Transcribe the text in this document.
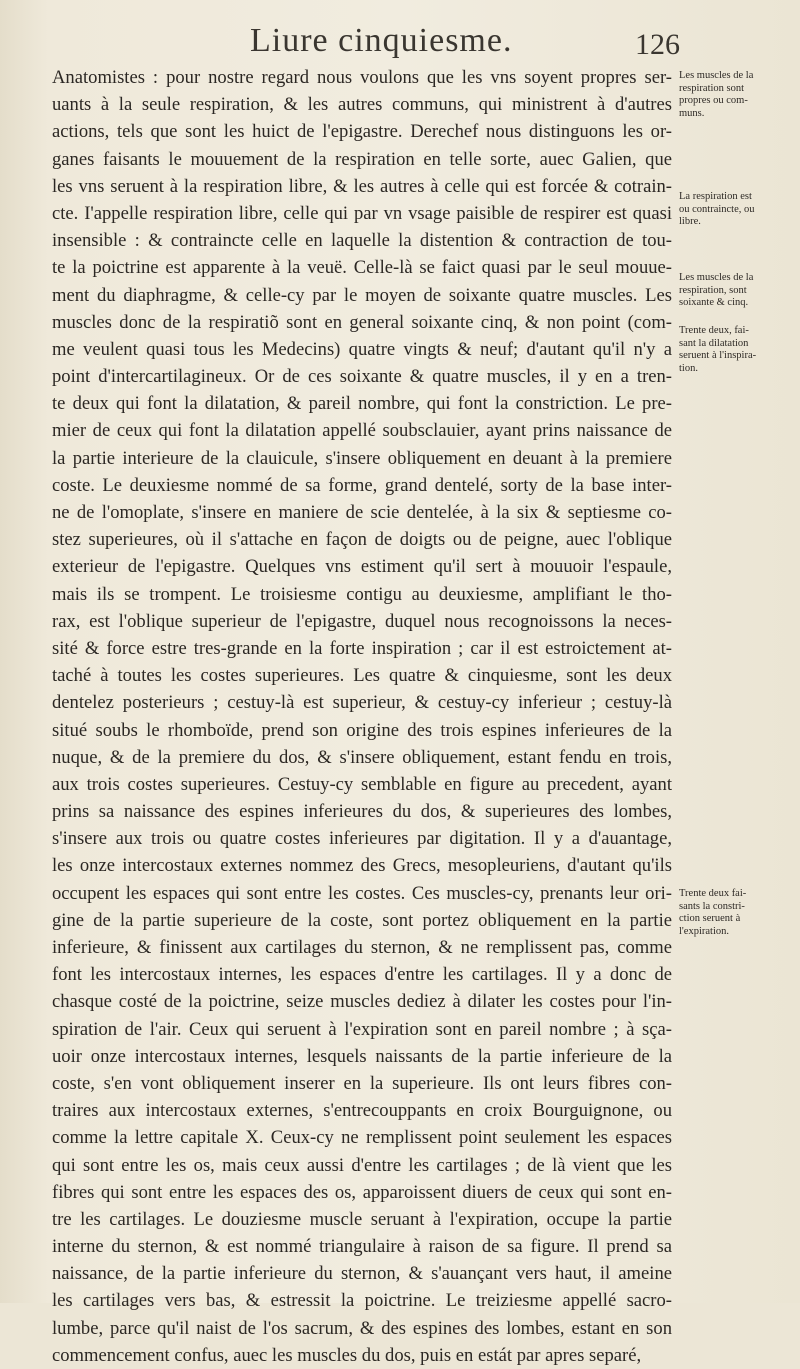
Liure cinquiesme.	126
Anatomistes : pour nostre regard nous voulons que les vns soyent propres ser-
uants à la seule respiration, & les autres communs, qui ministrent à d'autres
actions, tels que sont les huict de l'epigastre. Derechef nous distinguons les or-
ganes faisants le mouuement de la respiration en telle sorte, auec Galien, que
les vns seruent à la respiration libre, & les autres à celle qui est forcée & cotrain-
cte. I'appelle respiration libre, celle qui par vn vsage paisible de respirer est quasi
insensible : & contraincte celle en laquelle la distention & contraction de tou-
te la poictrine est apparente à la veuë. Celle-là se faict quasi par le seul mouue-
ment du diaphragme, & celle-cy par le moyen de soixante quatre muscles. Les
muscles donc de la respiratiõ sont en general soixante cinq, & non point (com-
me veulent quasi tous les Medecins) quatre vingts & neuf; d'autant qu'il n'y a
point d'intercartilagineux. Or de ces soixante & quatre muscles, il y en a tren-
te deux qui font la dilatation, & pareil nombre, qui font la constriction. Le pre-
mier de ceux qui font la dilatation appellé soubsclauier, ayant prins naissance de
la partie interieure de la clauicule, s'insere obliquement en deuant à la premiere
coste. Le deuxiesme nommé de sa forme, grand dentelé, sorty de la base inter-
ne de l'omoplate, s'insere en maniere de scie dentelée, à la six & septiesme co-
stez superieures, où il s'attache en façon de doigts ou de peigne, auec l'oblique
exterieur de l'epigastre. Quelques vns estiment qu'il sert à mouuoir l'espaule,
mais ils se trompent. Le troisiesme contigu au deuxiesme, amplifiant le tho-
rax, est l'oblique superieur de l'epigastre, duquel nous recognoissons la neces-
sité & force estre tres-grande en la forte inspiration ; car il est estroictement at-
taché à toutes les costes superieures. Les quatre & cinquiesme, sont les deux
dentelez posterieurs ; cestuy-là est superieur, & cestuy-cy inferieur ; cestuy-là
situé soubs le rhomboïde, prend son origine des trois espines inferieures de la
nuque, & de la premiere du dos, & s'insere obliquement, estant fendu en trois,
aux trois costes superieures. Cestuy-cy semblable en figure au precedent, ayant
prins sa naissance des espines inferieures du dos, & superieures des lombes,
s'insere aux trois ou quatre costes inferieures par digitation. Il y a d'auantage,
les onze intercostaux externes nommez des Grecs, mesopleuriens, d'autant qu'ils
occupent les espaces qui sont entre les costes. Ces muscles-cy, prenants leur ori-
gine de la partie superieure de la coste, sont portez obliquement en la partie
inferieure, & finissent aux cartilages du sternon, & ne remplissent pas, comme
font les intercostaux internes, les espaces d'entre les cartilages. Il y a donc de
chasque costé de la poictrine, seize muscles dediez à dilater les costes pour l'in-
spiration de l'air. Ceux qui seruent à l'expiration sont en pareil nombre ; à sça-
uoir onze intercostaux internes, lesquels naissants de la partie inferieure de la
coste, s'en vont obliquement inserer en la superieure. Ils ont leurs fibres con-
traires aux intercostaux externes, s'entrecouppants en croix Bourguignone, ou
comme la lettre capitale X. Ceux-cy ne remplissent point seulement les espaces
qui sont entre les os, mais ceux aussi d'entre les cartilages ; de là vient que les
fibres qui sont entre les espaces des os, apparoissent diuers de ceux qui sont en-
tre les cartilages. Le douziesme muscle seruant à l'expiration, occupe la partie
interne du sternon, & est nommé triangulaire à raison de sa figure. Il prend sa
naissance, de la partie inferieure du sternon, & s'auançant vers haut, il ameine
les cartilages vers bas, & estressit la poictrine. Le treiziesme appellé sacro-
lumbe, parce qu'il naist de l'os sacrum, & des espines des lombes, estant en son
commencement confus, auec les muscles du dos, puis en estát par apres separé,
Les muscles de la
respiration sont
propres ou com-
muns.
La respiration est
ou contraincte, ou
libre.
Les muscles de la
respiration, sont
soixante & cinq.
Trente deux, fai-
sant la dilatation
seruent à l'inspira-
tion.
Trente deux fai-
sants la constri-
ction seruent à
l'expiration.
